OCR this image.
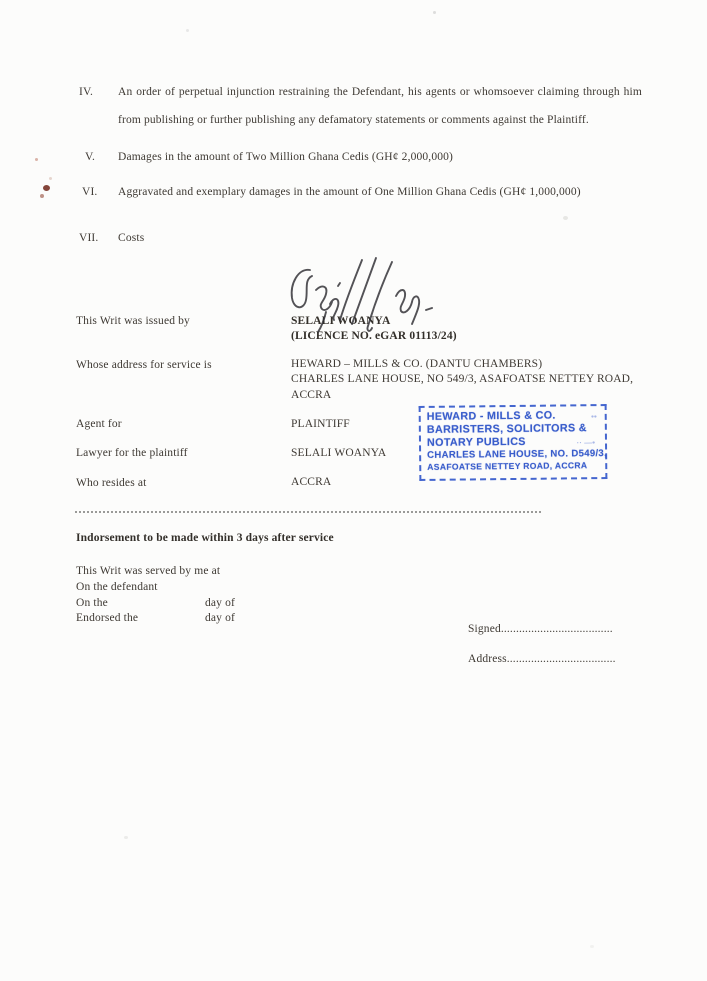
IV. An order of perpetual injunction restraining the Defendant, his agents or whomsoever claiming through him from publishing or further publishing any defamatory statements or comments against the Plaintiff.
V. Damages in the amount of Two Million Ghana Cedis (GH¢ 2,000,000)
VI. Aggravated and exemplary damages in the amount of One Million Ghana Cedis (GH¢ 1,000,000)
VII. Costs
This Writ was issued by	SELALI WOANYA
(LICENCE NO. eGAR 01113/24)
Whose address for service is	HEWARD – MILLS & CO. (DANTU CHAMBERS)
CHARLES LANE HOUSE, NO 549/3, ASAFOATSE NETTEY ROAD,
ACCRA
Agent for	PLAINTIFF
Lawyer for the plaintiff	SELALI WOANYA
Who resides at	ACCRA
HEWARD - MILLS & CO.
BARRISTERS, SOLICITORS &
NOTARY PUBLICS
CHARLES LANE HOUSE, NO. D549/3,
ASAFOATSE NETTEY ROAD, ACCRA
••
·· —•
Indorsement to be made within 3 days after service
This Writ was served by me at
On the defendant
On the	day of
Endorsed the	day of
Signed.....................................
Address....................................
